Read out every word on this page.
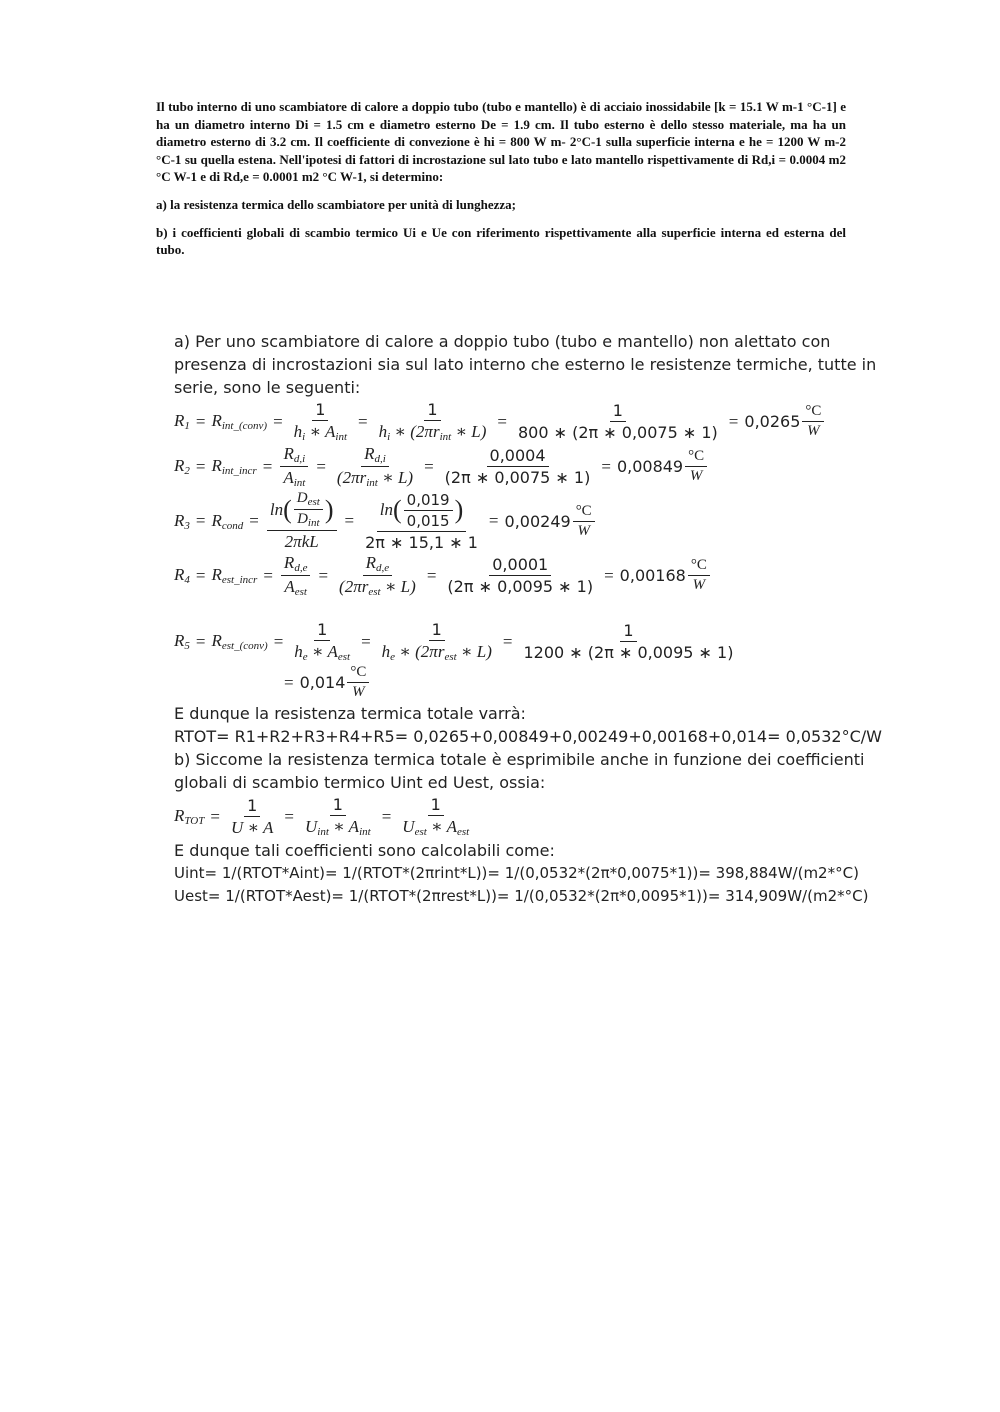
Il tubo interno di uno scambiatore di calore a doppio tubo (tubo e mantello) è di acciaio inossidabile [k = 15.1 W m-1 °C-1] e ha un diametro interno Di = 1.5 cm e diametro esterno De = 1.9 cm. Il tubo esterno è dello stesso materiale, ma ha un diametro esterno di 3.2 cm. Il coefficiente di convezione è hi = 800 W m- 2°C-1 sulla superficie interna e he = 1200 W m-2 °C-1 su quella estena. Nell'ipotesi di fattori di incrostazione sul lato tubo e lato mantello rispettivamente di Rd,i = 0.0004 m2 °C W-1 e di Rd,e = 0.0001 m2 °C W-1, si determino:

a) la resistenza termica dello scambiatore per unità di lunghezza;

b) i coefficienti globali di scambio termico Ui e Ue con riferimento rispettivamente alla superficie interna ed esterna del tubo.

a) Per uno scambiatore di calore a doppio tubo (tubo e mantello) non alettato con
presenza di incrostazioni sia sul lato interno che esterno le resistenze termiche, tutte in
serie, sono le seguenti:
$R_1 = R_{int\_(conv)} = \frac{1}{h_i ∗ A_{int}} = \frac{1}{h_i ∗ (2\pi r_{int} ∗ L)} = \frac{1}{800 ∗ (2\pi ∗ 0,0075 ∗ 1)} = 0,0265 \frac{^\circ C}{W}$
$R_2 = R_{int\_incr} = \frac{R_{d,i}}{A_{int}} = \frac{R_{d,i}}{(2\pi r_{int} ∗ L)} = \frac{0,0004}{(2\pi ∗ 0,0075 ∗ 1)} = 0,00849 \frac{^\circ C}{W}$
$R_3 = R_{cond} = \frac{\ln ( \frac{D_{est}}{D_{int}} )}{\text{2πkL}} = \frac{\ln ( \frac{0,019}{0,015} )}{2\pi ∗ 15,1 ∗ 1} = 0,00249 \frac{^\circ C}{W}$
$R_4 = R_{est\_incr} = \frac{R_{d,e}}{A_{est}} = \frac{R_{d,e}}{(2\pi r_{est} ∗ L)} = \frac{0,0001}{(2\pi ∗ 0,0095 ∗ 1)} = 0,00168 \frac{^\circ C}{W}$
$R_5 = R_{est\_(conv)} = \frac{1}{h_e ∗ A_{est}} = \frac{1}{h_e ∗ (2\pi r_{est} ∗ L)} = \frac{1}{1200 ∗ (2\pi ∗ 0,0095 ∗ 1)}$
= $0,014 \frac{^\circ C}{W}$
E dunque la resistenza termica totale varrà:
RTOT= R1+R2+R3+R4+R5= 0,0265+0,00849+0,00249+0,00168+0,014= 0,0532°C/W
b) Siccome la resistenza termica totale è esprimibile anche in funzione dei coefficienti
globali di scambio termico Uint ed Uest, ossia:
$R_{TOT} = \frac{1}{U ∗ A} = \frac{1}{U_{int} ∗ A_{int}} = \frac{1}{U_{est} ∗ A_{est}}$
E dunque tali coefficienti sono calcolabili come:
Uint= 1/(RTOT*Aint)= 1/(RTOT*(2πrint*L))= 1/(0,0532*(2π*0,0075*1))= 398,884W/(m2*°C)
Uest= 1/(RTOT*Aest)= 1/(RTOT*(2πrest*L))= 1/(0,0532*(2π*0,0095*1))= 314,909W/(m2*°C)
